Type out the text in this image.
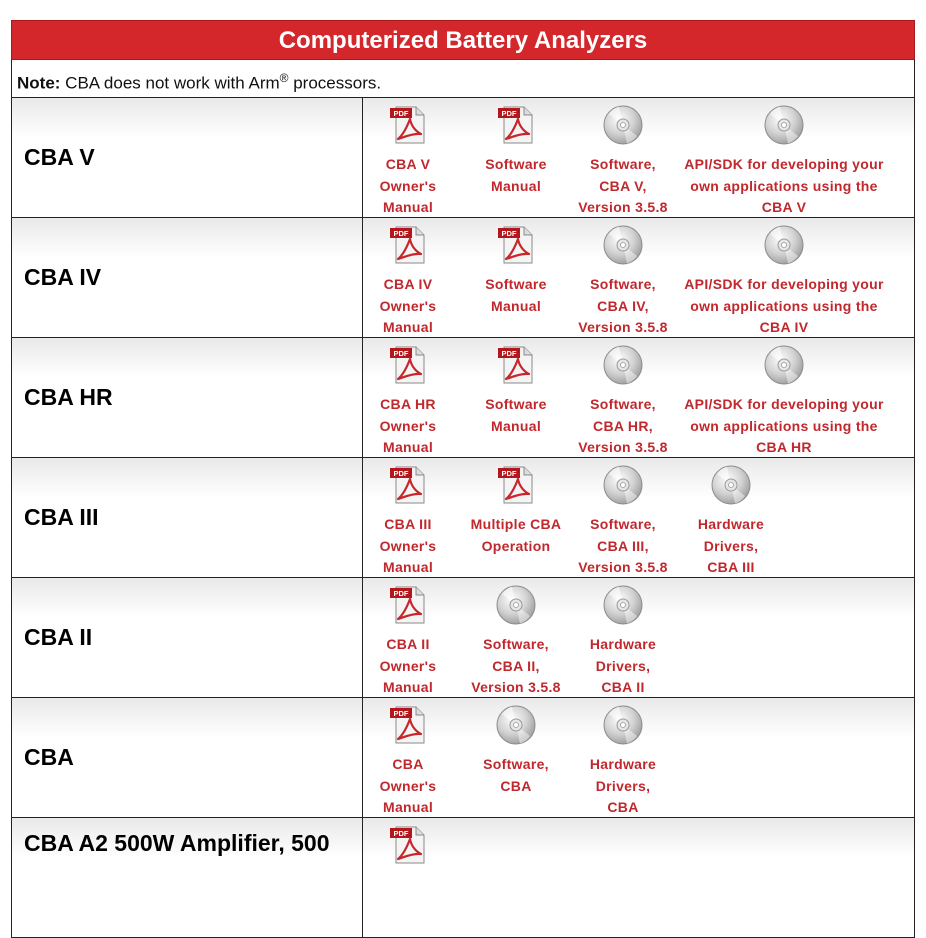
Computerized Battery Analyzers
Note: CBA does not work with Arm® processors.
CBA V
PDF
CBA V
Owner's
Manual
PDF
Software
Manual
Software,
CBA V,
Version 3.5.8
API/SDK for developing your
own applications using the
CBA V
CBA IV
PDF
CBA IV
Owner's
Manual
PDF
Software
Manual
Software,
CBA IV,
Version 3.5.8
API/SDK for developing your
own applications using the
CBA IV
CBA HR
PDF
CBA HR
Owner's
Manual
PDF
Software
Manual
Software,
CBA HR,
Version 3.5.8
API/SDK for developing your
own applications using the
CBA HR
CBA III
PDF
CBA III
Owner's
Manual
PDF
Multiple CBA
Operation
Software,
CBA III,
Version 3.5.8
Hardware
Drivers,
CBA III
CBA II
PDF
CBA II
Owner's
Manual
Software,
CBA II,
Version 3.5.8
Hardware
Drivers,
CBA II
CBA
PDF
CBA
Owner's
Manual
Software,
CBA
Hardware
Drivers,
CBA
CBA A2 500W Amplifier, 500	PDF
